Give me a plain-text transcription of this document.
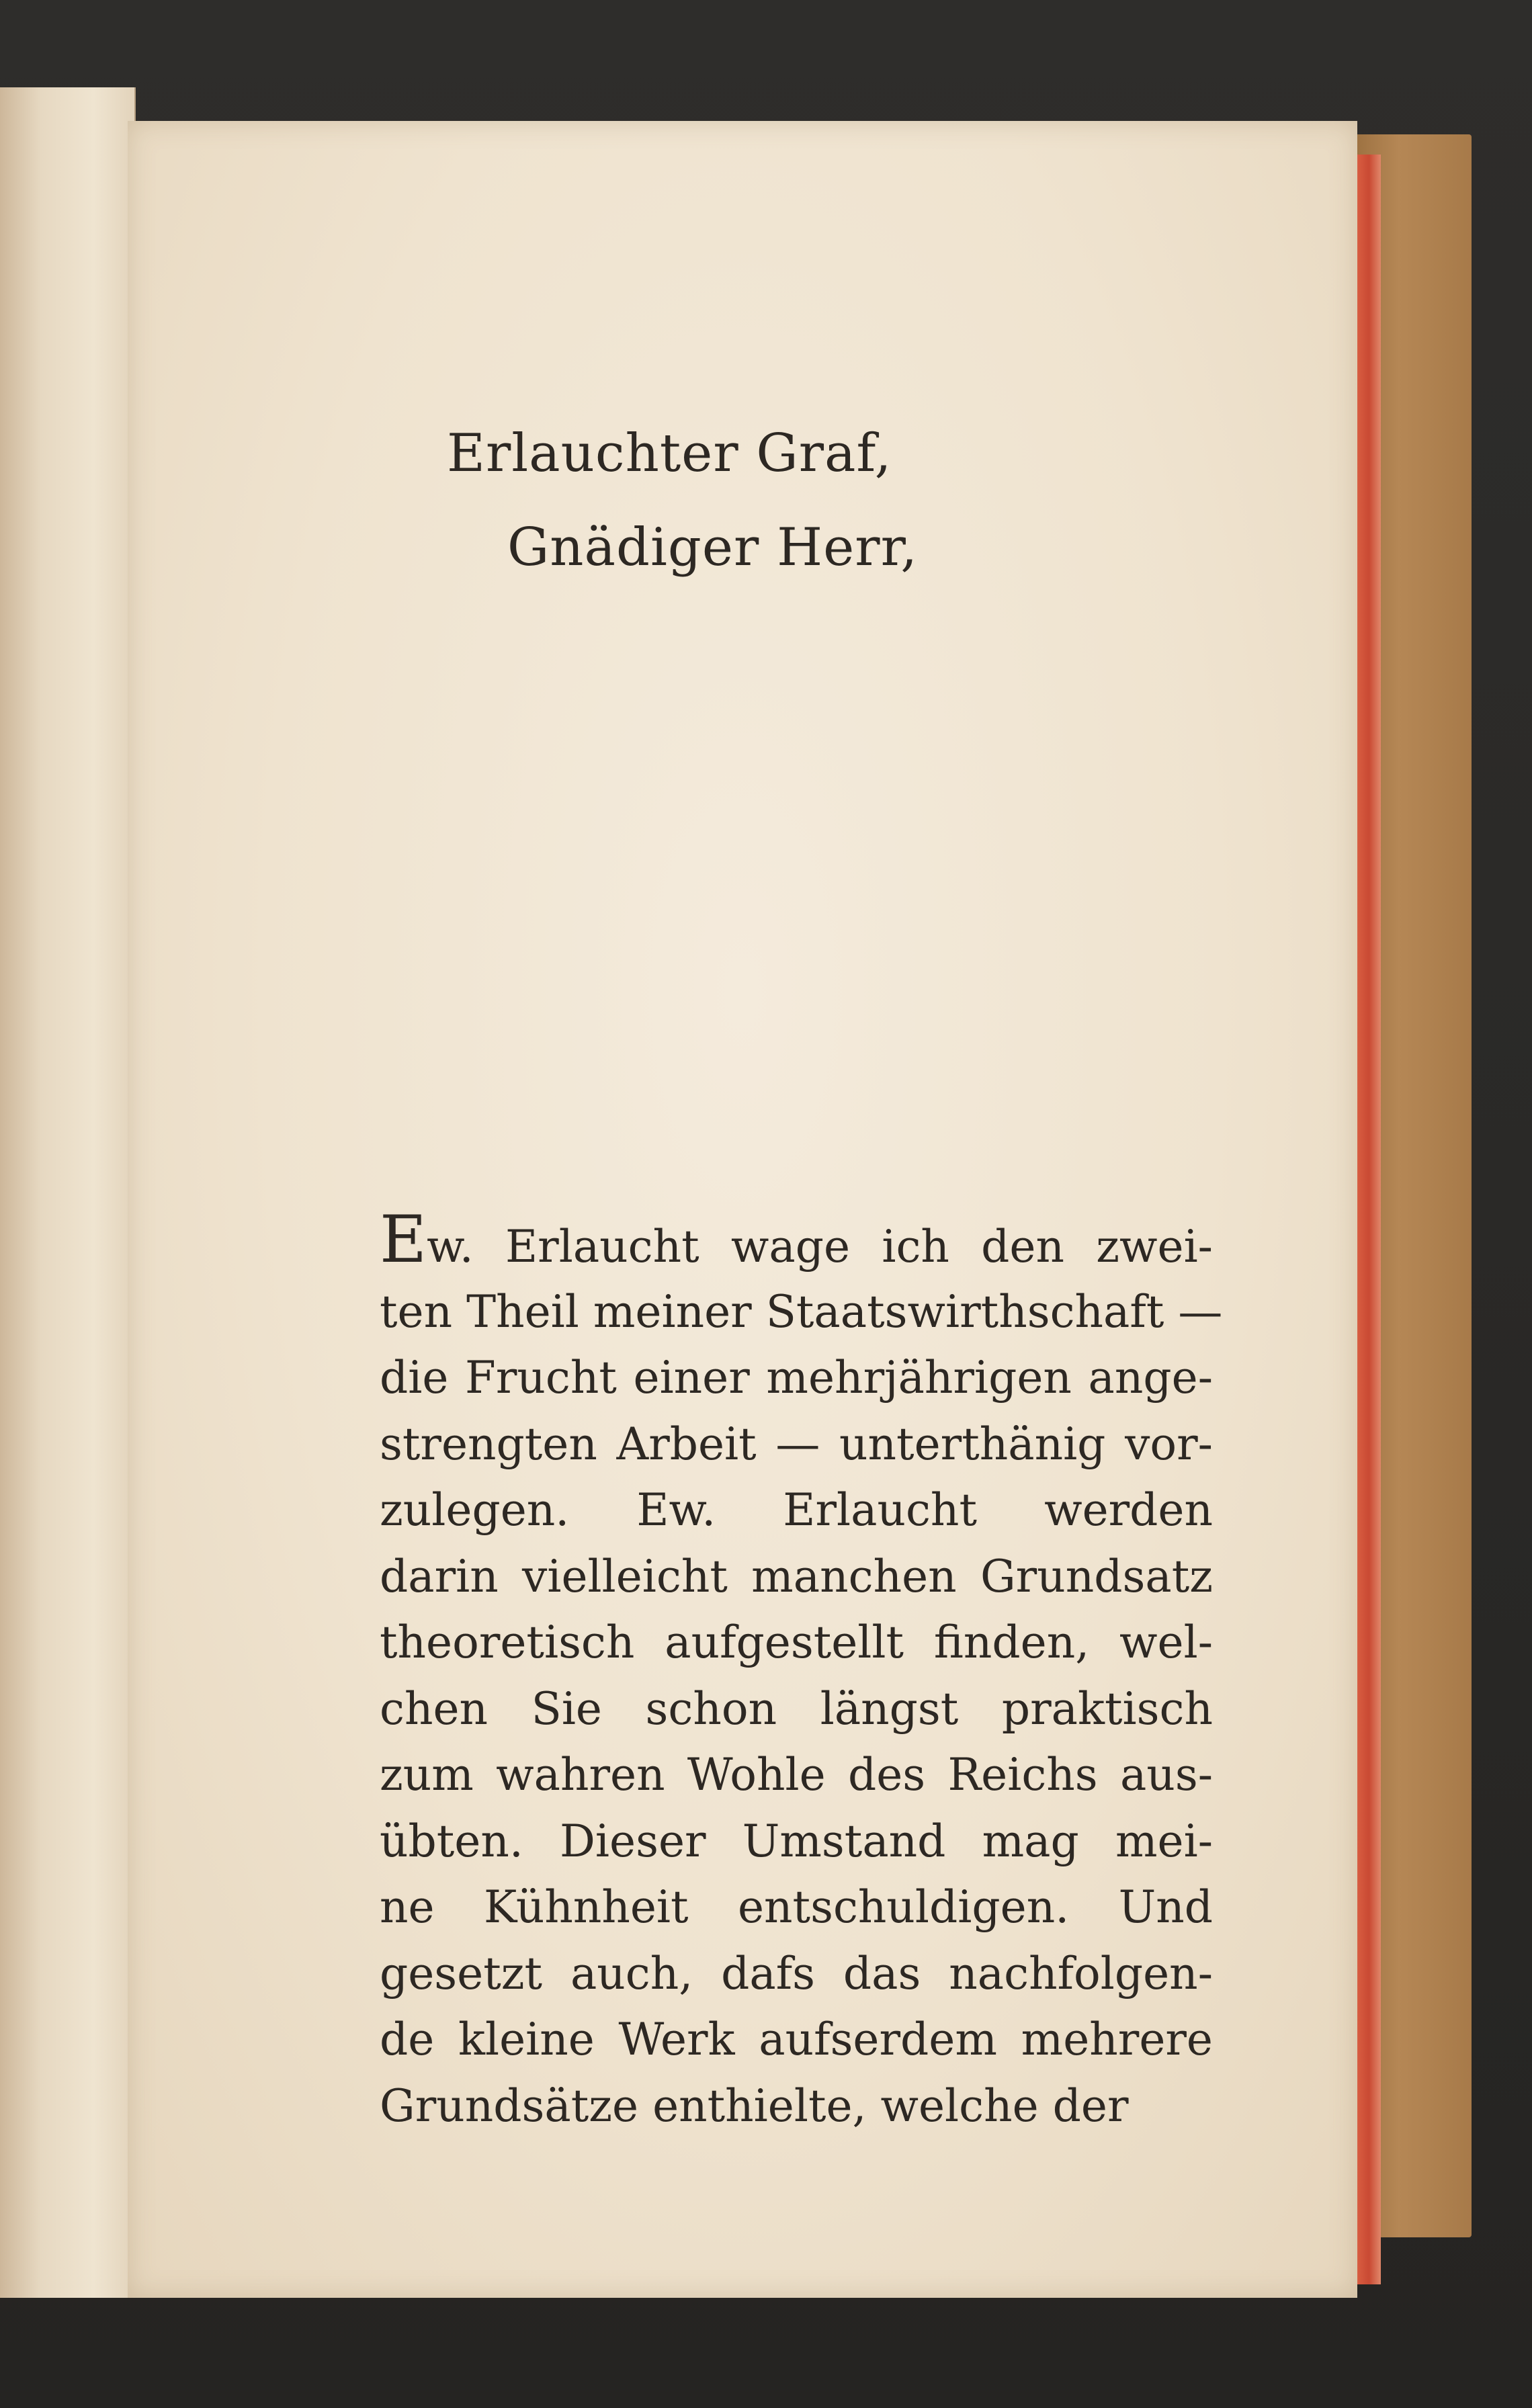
Erlauchter Graf,
Gnädiger Herr,
Ew. Erlaucht wage ich den zwei-
ten Theil meiner Staatswirthschaft —
die Frucht einer mehrjährigen ange-
strengten Arbeit — unterthänig vor-
zulegen. Ew. Erlaucht werden
darin vielleicht manchen Grundsatz
theoretisch aufgestellt finden, wel-
chen Sie schon längst praktisch
zum wahren Wohle des Reichs aus-
übten. Dieser Umstand mag mei-
ne Kühnheit entschuldigen. Und
gesetzt auch, dafs das nachfolgen-
de kleine Werk aufserdem mehrere
Grundsätze enthielte, welche der
